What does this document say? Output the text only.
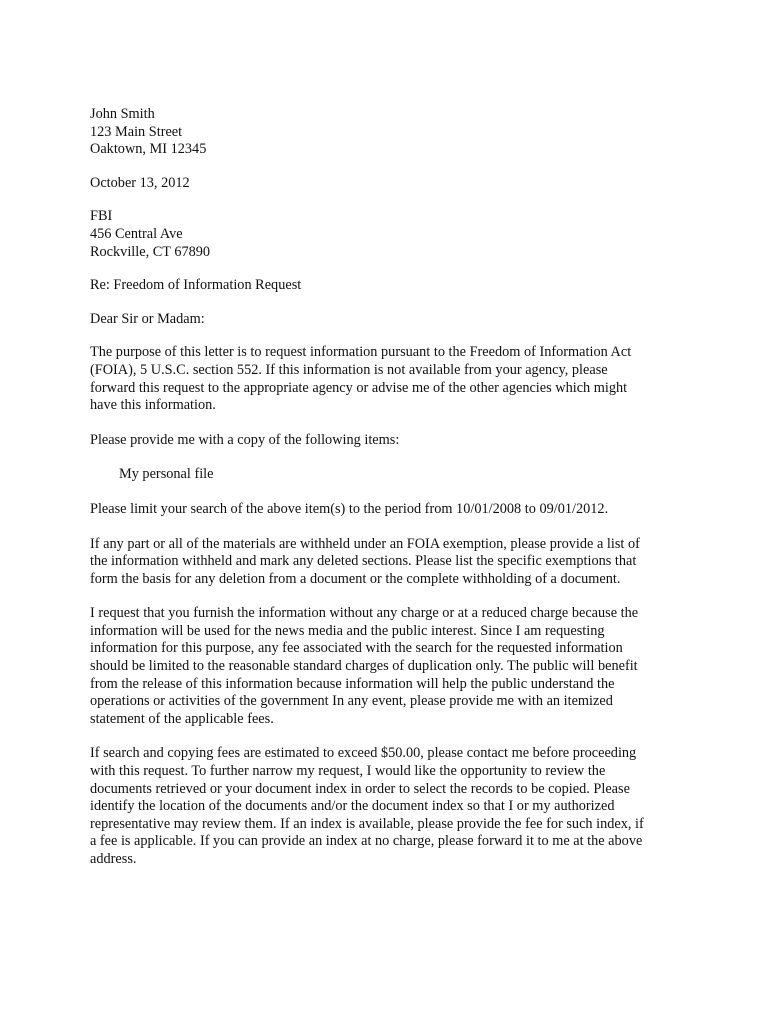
John Smith
123 Main Street
Oaktown, MI 12345
October 13, 2012
FBI
456 Central Ave
Rockville, CT 67890
Re: Freedom of Information Request
Dear Sir or Madam:
The purpose of this letter is to request information pursuant to the Freedom of Information Act
(FOIA), 5 U.S.C. section 552. If this information is not available from your agency, please
forward this request to the appropriate agency or advise me of the other agencies which might
have this information.
Please provide me with a copy of the following items:
My personal file
Please limit your search of the above item(s) to the period from 10/01/2008 to 09/01/2012.
If any part or all of the materials are withheld under an FOIA exemption, please provide a list of
the information withheld and mark any deleted sections. Please list the specific exemptions that
form the basis for any deletion from a document or the complete withholding of a document.
I request that you furnish the information without any charge or at a reduced charge because the
information will be used for the news media and the public interest. Since I am requesting
information for this purpose, any fee associated with the search for the requested information
should be limited to the reasonable standard charges of duplication only. The public will benefit
from the release of this information because information will help the public understand the
operations or activities of the government In any event, please provide me with an itemized
statement of the applicable fees.
If search and copying fees are estimated to exceed $50.00, please contact me before proceeding
with this request. To further narrow my request, I would like the opportunity to review the
documents retrieved or your document index in order to select the records to be copied. Please
identify the location of the documents and/or the document index so that I or my authorized
representative may review them. If an index is available, please provide the fee for such index, if
a fee is applicable. If you can provide an index at no charge, please forward it to me at the above
address.
